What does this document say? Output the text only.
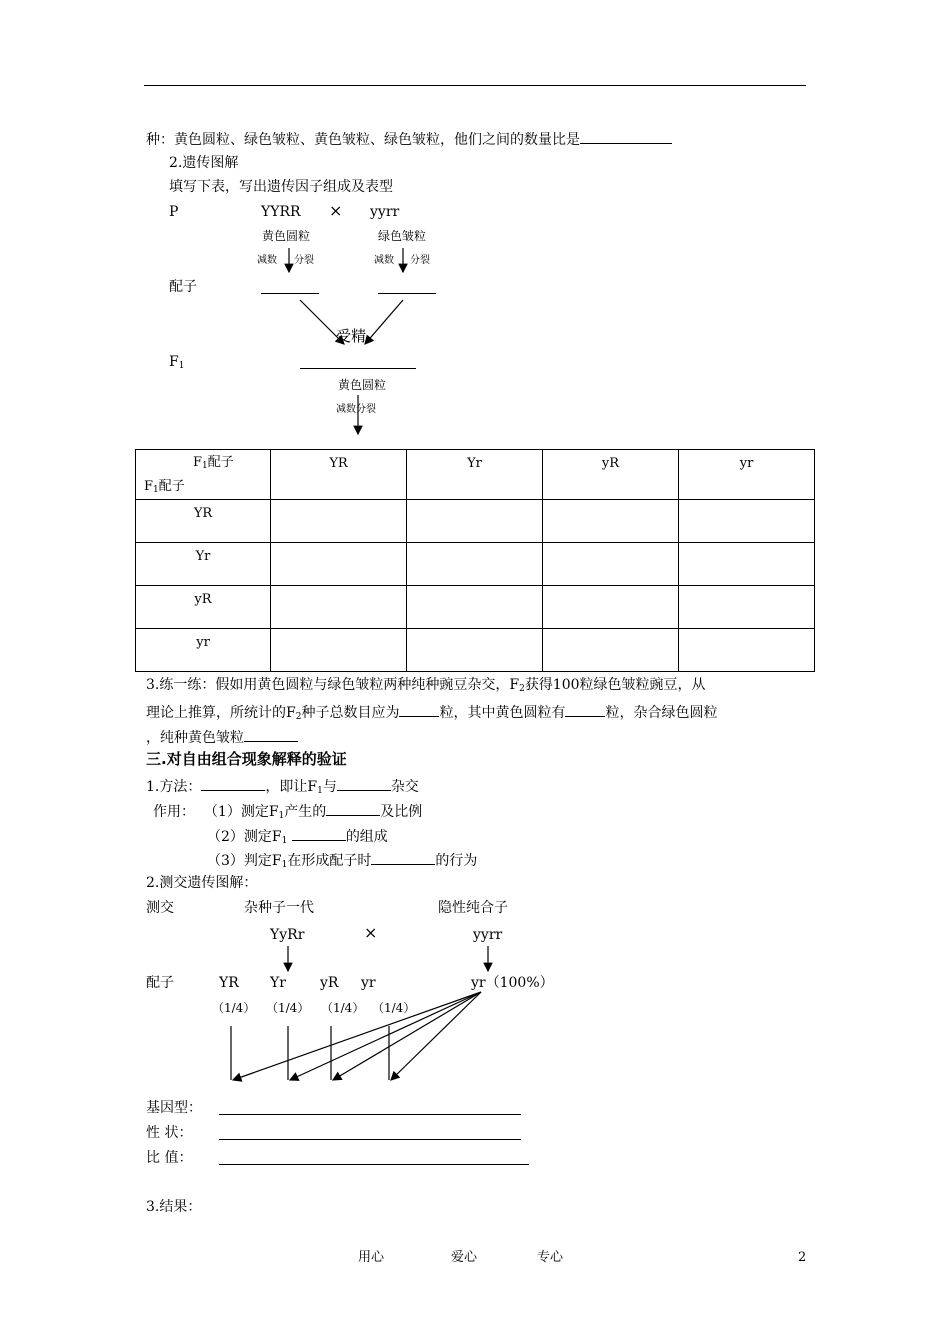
种：黄色圆粒、绿色皱粒、黄色皱粒、绿色皱粒，他们之间的数量比是
2.遗传图解
填写下表，写出遗传因子组成及表型
P	YYRR × yyrr
黄色圆粒	绿色皱粒
减数 分裂	减数 分裂
配子
受精
$F_1$
黄色圆粒
减数分裂
$F_1$配子
$F_1$配子	YR	Yr	yR	yr

YR				

Yr				

yR				

yr				

3.练一练：假如用黄色圆粒与绿色皱粒两种纯种豌豆杂交，$F_2$获得100粒绿色皱粒豌豆，从
理论上推算，所统计的$F_2$种子总数目应为	粒，其中黄色圆粒有	粒，杂合绿色圆粒
，纯种黄色皱粒
三.对自由组合现象解释的验证
1.方法：	，即让$F_1$与	杂交
作用： （1）测定$F_1$产生的	及比例
（2）测定$F_1$	的组成
（3）判定$F_1$在形成配子时	的行为
2.测交遗传图解：
测交	杂种子一代	隐性纯合子
YyRr	×	yyrr
配子	YR Yr yR yr	yr（100%）
（1/4） （1/4） （1/4） （1/4）
基因型：
性 状：
比 值：
3.结果：
用心	爱心	专心	2
